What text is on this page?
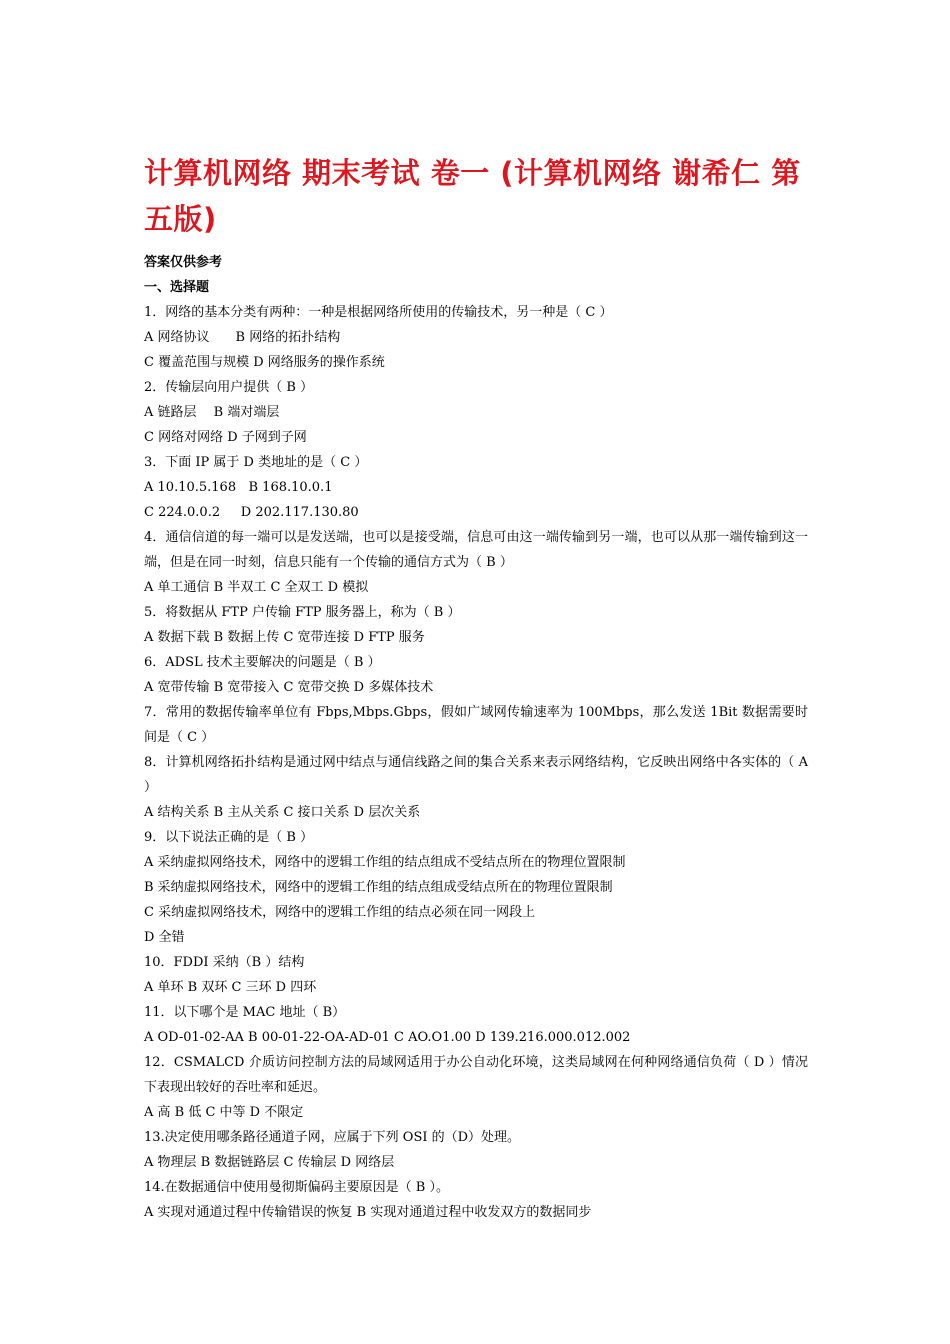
计算机网络 期末考试 卷一 (计算机网络 谢希仁 第五版)
答案仅供参考
一、选择题
1．网络的基本分类有两种：一种是根据网络所使用的传输技术，另一种是（ C ）
A 网络协议　　B 网络的拓扑结构
C 覆盖范围与规模 D 网络服务的操作系统
2．传输层向用户提供（ B ）
A 链路层　 B 端对端层
C 网络对网络 D 子网到子网
3．下面 IP 属于 D 类地址的是（ C ）
A 10.10.5.168   B 168.10.0.1
C 224.0.0.2     D 202.117.130.80
4．通信信道的每一端可以是发送端，也可以是接受端，信息可由这一端传输到另一端，也可以从那一端传输到这一端，但是在同一时刻，信息只能有一个传输的通信方式为（ B ）
A 单工通信 B 半双工 C 全双工 D 模拟
5．将数据从 FTP 户传输 FTP 服务器上，称为（ B ）
A 数据下载 B 数据上传 C 宽带连接 D FTP 服务
6．ADSL 技术主要解决的问题是（ B ）
A 宽带传输 B 宽带接入 C 宽带交换 D 多媒体技术
7．常用的数据传输率单位有 Fbps,Mbps.Gbps，假如广域网传输速率为 100Mbps，那么发送 1Bit 数据需要时间是（ C ）
8．计算机网络拓扑结构是通过网中结点与通信线路之间的集合关系来表示网络结构，它反映出网络中各实体的（ A ）
A 结构关系 B 主从关系 C 接口关系 D 层次关系
9．以下说法正确的是（ B ）
A 采纳虚拟网络技术，网络中的逻辑工作组的结点组成不受结点所在的物理位置限制
B 采纳虚拟网络技术，网络中的逻辑工作组的结点组成受结点所在的物理位置限制
C 采纳虚拟网络技术，网络中的逻辑工作组的结点必须在同一网段上
D 全错
10．FDDI 采纳（B ）结构
A 单环 B 双环 C 三环 D 四环
11．以下哪个是 MAC 地址（ B）
A OD-01-02-AA B 00-01-22-OA-AD-01 C AO.O1.00 D 139.216.000.012.002
12．CSMALCD 介质访问控制方法的局域网适用于办公自动化环境，这类局域网在何种网络通信负荷（ D ）情况下表现出较好的吞吐率和延迟。
A 高 B 低 C 中等 D 不限定
13.决定使用哪条路径通道子网，应属于下列 OSI 的（D）处理。
A 物理层 B 数据链路层 C 传输层 D 网络层
14.在数据通信中使用曼彻斯偏码主要原因是（ B ）。
A 实现对通道过程中传输错误的恢复 B 实现对通道过程中收发双方的数据同步
